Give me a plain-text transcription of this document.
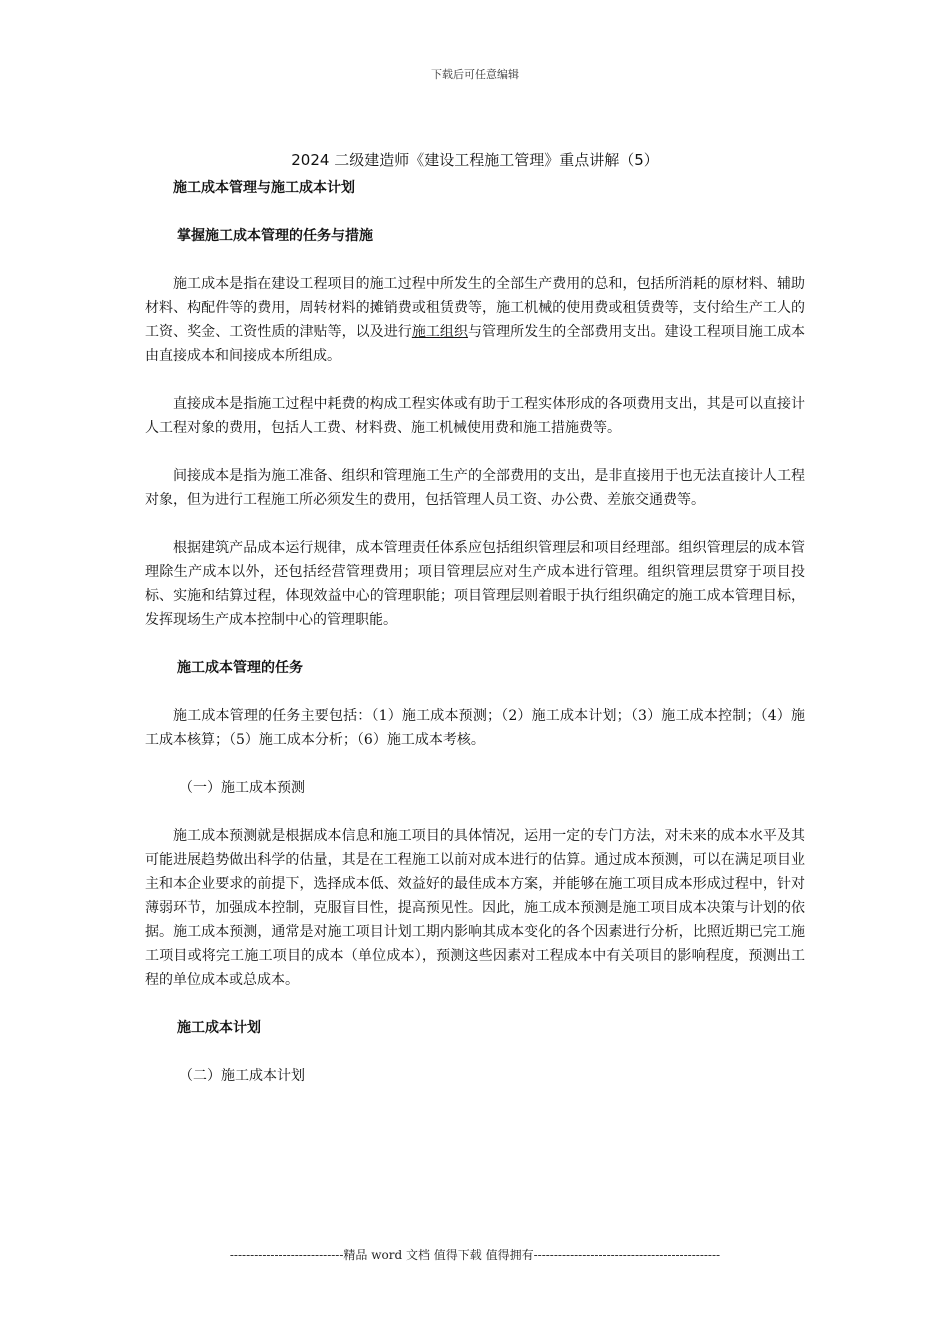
下载后可任意编辑
2024 二级建造师《建设工程施工管理》重点讲解（5）
施工成本管理与施工成本计划
掌握施工成本管理的任务与措施

施工成本是指在建设工程项目的施工过程中所发生的全部生产费用的总和，包括所消耗的原材料、辅助材料、构配件等的费用，周转材料的摊销费或租赁费等，施工机械的使用费或租赁费等，支付给生产工人的工资、奖金、工资性质的津贴等，以及进行施工组织与管理所发生的全部费用支出。建设工程项目施工成本由直接成本和间接成本所组成。

直接成本是指施工过程中耗费的构成工程实体或有助于工程实体形成的各项费用支出，其是可以直接计人工程对象的费用，包括人工费、材料费、施工机械使用费和施工措施费等。

间接成本是指为施工准备、组织和管理施工生产的全部费用的支出，是非直接用于也无法直接计人工程对象，但为进行工程施工所必须发生的费用，包括管理人员工资、办公费、差旅交通费等。

根据建筑产品成本运行规律，成本管理责任体系应包括组织管理层和项目经理部。组织管理层的成本管理除生产成本以外，还包括经营管理费用；项目管理层应对生产成本进行管理。组织管理层贯穿于项目投标、实施和结算过程，体现效益中心的管理职能；项目管理层则着眼于执行组织确定的施工成本管理目标，发挥现场生产成本控制中心的管理职能。

施工成本管理的任务

施工成本管理的任务主要包括：（1）施工成本预测；（2）施工成本计划；（3）施工成本控制；（4）施工成本核算；（5）施工成本分析；（6）施工成本考核。

（一）施工成本预测

施工成本预测就是根据成本信息和施工项目的具体情况，运用一定的专门方法，对未来的成本水平及其可能进展趋势做出科学的估量，其是在工程施工以前对成本进行的估算。通过成本预测，可以在满足项目业主和本企业要求的前提下，选择成本低、效益好的最佳成本方案，并能够在施工项目成本形成过程中，针对薄弱环节，加强成本控制，克服盲目性，提高预见性。因此，施工成本预测是施工项目成本决策与计划的依据。施工成本预测，通常是对施工项目计划工期内影响其成本变化的各个因素进行分析，比照近期已完工施工项目或将完工施工项目的成本（单位成本），预测这些因素对工程成本中有关项目的影响程度，预测出工程的单位成本或总成本。

施工成本计划
（二）施工成本计划
----------------------------精品 word 文档 值得下载 值得拥有----------------------------------------------
